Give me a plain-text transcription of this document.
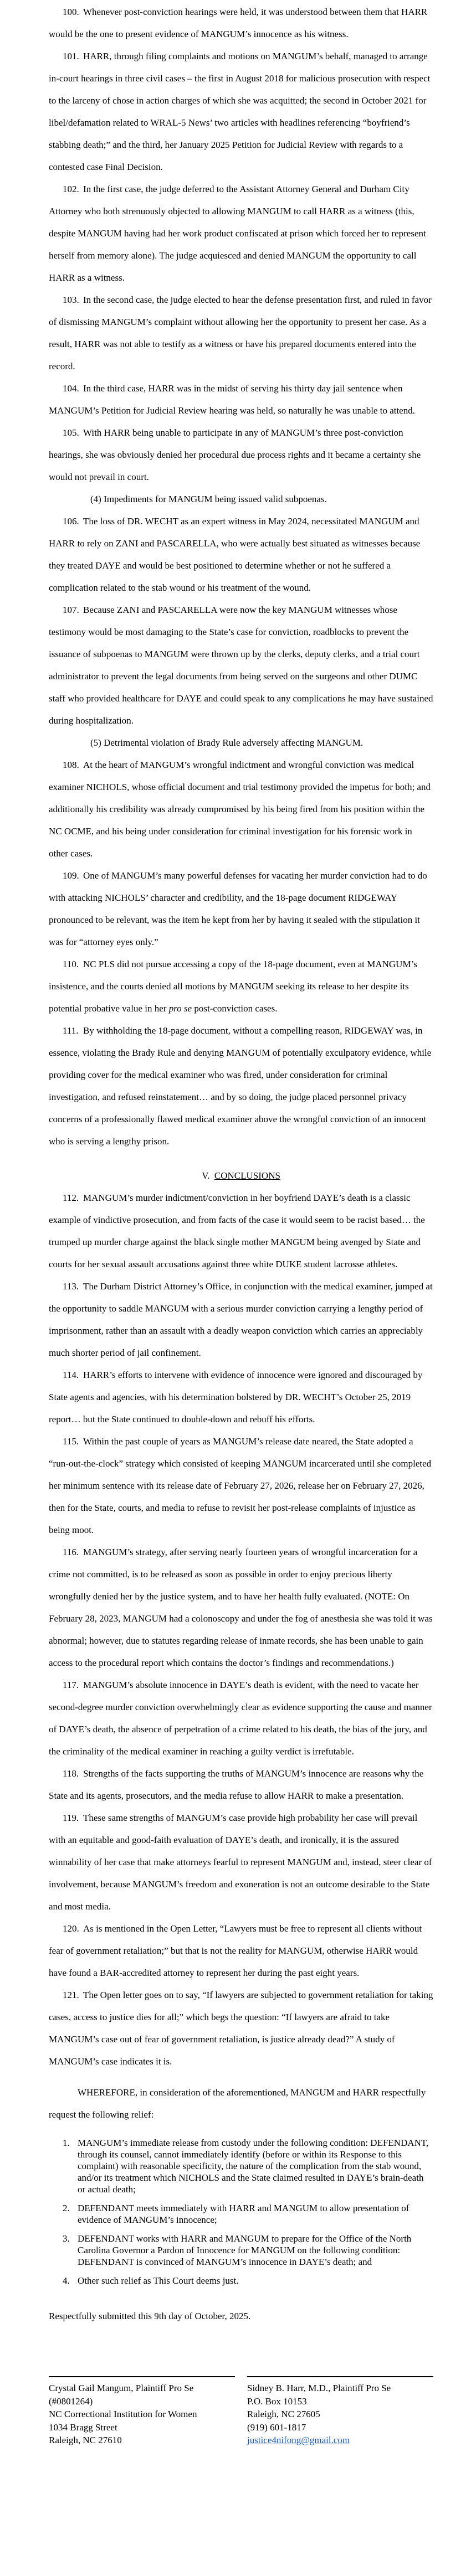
100. Whenever post-conviction hearings were held, it was understood between them that HARR would be the one to present evidence of MANGUM’s innocence as his witness.

101. HARR, through filing complaints and motions on MANGUM’s behalf, managed to arrange in-court hearings in three civil cases – the first in August 2018 for malicious prosecution with respect to the larceny of chose in action charges of which she was acquitted; the second in October 2021 for libel/defamation related to WRAL-5 News’ two articles with headlines referencing “boyfriend’s stabbing death;” and the third, her January 2025 Petition for Judicial Review with regards to a contested case Final Decision.

102. In the first case, the judge deferred to the Assistant Attorney General and Durham City Attorney who both strenuously objected to allowing MANGUM to call HARR as a witness (this, despite MANGUM having had her work product confiscated at prison which forced her to represent herself from memory alone). The judge acquiesced and denied MANGUM the opportunity to call HARR as a witness.

103. In the second case, the judge elected to hear the defense presentation first, and ruled in favor of dismissing MANGUM’s complaint without allowing her the opportunity to present her case. As a result, HARR was not able to testify as a witness or have his prepared documents entered into the record.

104. In the third case, HARR was in the midst of serving his thirty day jail sentence when MANGUM’s Petition for Judicial Review hearing was held, so naturally he was unable to attend.

105. With HARR being unable to participate in any of MANGUM’s three post-conviction hearings, she was obviously denied her procedural due process rights and it became a certainty she would not prevail in court.

(4) Impediments for MANGUM being issued valid subpoenas.

106. The loss of DR. WECHT as an expert witness in May 2024, necessitated MANGUM and HARR to rely on ZANI and PASCARELLA, who were actually best situated as witnesses because they treated DAYE and would be best positioned to determine whether or not he suffered a complication related to the stab wound or his treatment of the wound.

107. Because ZANI and PASCARELLA were now the key MANGUM witnesses whose testimony would be most damaging to the State’s case for conviction, roadblocks to prevent the issuance of subpoenas to MANGUM were thrown up by the clerks, deputy clerks, and a trial court administrator to prevent the legal documents from being served on the surgeons and other DUMC staff who provided healthcare for DAYE and could speak to any complications he may have sustained during hospitalization.

(5) Detrimental violation of Brady Rule adversely affecting MANGUM.

108. At the heart of MANGUM’s wrongful indictment and wrongful conviction was medical examiner NICHOLS, whose official document and trial testimony provided the impetus for both; and additionally his credibility was already compromised by his being fired from his position within the NC OCME, and his being under consideration for criminal investigation for his forensic work in other cases.

109. One of MANGUM’s many powerful defenses for vacating her murder conviction had to do with attacking NICHOLS’ character and credibility, and the 18-page document RIDGEWAY pronounced to be relevant, was the item he kept from her by having it sealed with the stipulation it was for “attorney eyes only.”

110. NC PLS did not pursue accessing a copy of the 18-page document, even at MANGUM’s insistence, and the courts denied all motions by MANGUM seeking its release to her despite its potential probative value in her pro se post-conviction cases.

111. By withholding the 18-page document, without a compelling reason, RIDGEWAY was, in essence, violating the Brady Rule and denying MANGUM of potentially exculpatory evidence, while providing cover for the medical examiner who was fired, under consideration for criminal investigation, and refused reinstatement… and by so doing, the judge placed personnel privacy concerns of a professionally flawed medical examiner above the wrongful conviction of an innocent who is serving a lengthy prison.

V. CONCLUSIONS

112. MANGUM’s murder indictment/conviction in her boyfriend DAYE’s death is a classic example of vindictive prosecution, and from facts of the case it would seem to be racist based… the trumped up murder charge against the black single mother MANGUM being avenged by State and courts for her sexual assault accusations against three white DUKE student lacrosse athletes.

113. The Durham District Attorney’s Office, in conjunction with the medical examiner, jumped at the opportunity to saddle MANGUM with a serious murder conviction carrying a lengthy period of imprisonment, rather than an assault with a deadly weapon conviction which carries an appreciably much shorter period of jail confinement.

114. HARR’s efforts to intervene with evidence of innocence were ignored and discouraged by State agents and agencies, with his determination bolstered by DR. WECHT’s October 25, 2019 report… but the State continued to double-down and rebuff his efforts.

115. Within the past couple of years as MANGUM’s release date neared, the State adopted a “run-out-the-clock” strategy which consisted of keeping MANGUM incarcerated until she completed her minimum sentence with its release date of February 27, 2026, release her on February 27, 2026, then for the State, courts, and media to refuse to revisit her post-release complaints of injustice as being moot.

116. MANGUM’s strategy, after serving nearly fourteen years of wrongful incarceration for a crime not committed, is to be released as soon as possible in order to enjoy precious liberty wrongfully denied her by the justice system, and to have her health fully evaluated. (NOTE: On February 28, 2023, MANGUM had a colonoscopy and under the fog of anesthesia she was told it was abnormal; however, due to statutes regarding release of inmate records, she has been unable to gain access to the procedural report which contains the doctor’s findings and recommendations.)

117. MANGUM’s absolute innocence in DAYE’s death is evident, with the need to vacate her second-degree murder conviction overwhelmingly clear as evidence supporting the cause and manner of DAYE’s death, the absence of perpetration of a crime related to his death, the bias of the jury, and the criminality of the medical examiner in reaching a guilty verdict is irrefutable.

118. Strengths of the facts supporting the truths of MANGUM’s innocence are reasons why the State and its agents, prosecutors, and the media refuse to allow HARR to make a presentation.

119. These same strengths of MANGUM’s case provide high probability her case will prevail with an equitable and good-faith evaluation of DAYE’s death, and ironically, it is the assured winnability of her case that make attorneys fearful to represent MANGUM and, instead, steer clear of involvement, because MANGUM’s freedom and exoneration is not an outcome desirable to the State and most media.

120. As is mentioned in the Open Letter, “Lawyers must be free to represent all clients without fear of government retaliation;” but that is not the reality for MANGUM, otherwise HARR would have found a BAR-accredited attorney to represent her during the past eight years.

121. The Open letter goes on to say, “If lawyers are subjected to government retaliation for taking cases, access to justice dies for all;” which begs the question: “If lawyers are afraid to take MANGUM’s case out of fear of government retaliation, is justice already dead?” A study of MANGUM’s case indicates it is.

WHEREFORE, in consideration of the aforementioned, MANGUM and HARR respectfully request the following relief:

1. MANGUM’s immediate release from custody under the following condition: DEFENDANT, through its counsel, cannot immediately identify (before or within its Response to this complaint) with reasonable specificity, the nature of the complication from the stab wound, and/or its treatment which NICHOLS and the State claimed resulted in DAYE’s brain-death or actual death;
2. DEFENDANT meets immediately with HARR and MANGUM to allow presentation of evidence of MANGUM’s innocence;
3. DEFENDANT works with HARR and MANGUM to prepare for the Office of the North Carolina Governor a Pardon of Innocence for MANGUM on the following condition: DEFENDANT is convinced of MANGUM’s innocence in DAYE’s death; and
4. Other such relief as This Court deems just.

Respectfully submitted this 9th day of October, 2025.

Crystal Gail Mangum, Plaintiff Pro Se

(#0801264)

NC Correctional Institution for Women

1034 Bragg Street

Raleigh, NC 27610

Sidney B. Harr, M.D., Plaintiff Pro Se

P.O. Box 10153

Raleigh, NC 27605

(919) 601-1817

justice4nifong@gmail.com
